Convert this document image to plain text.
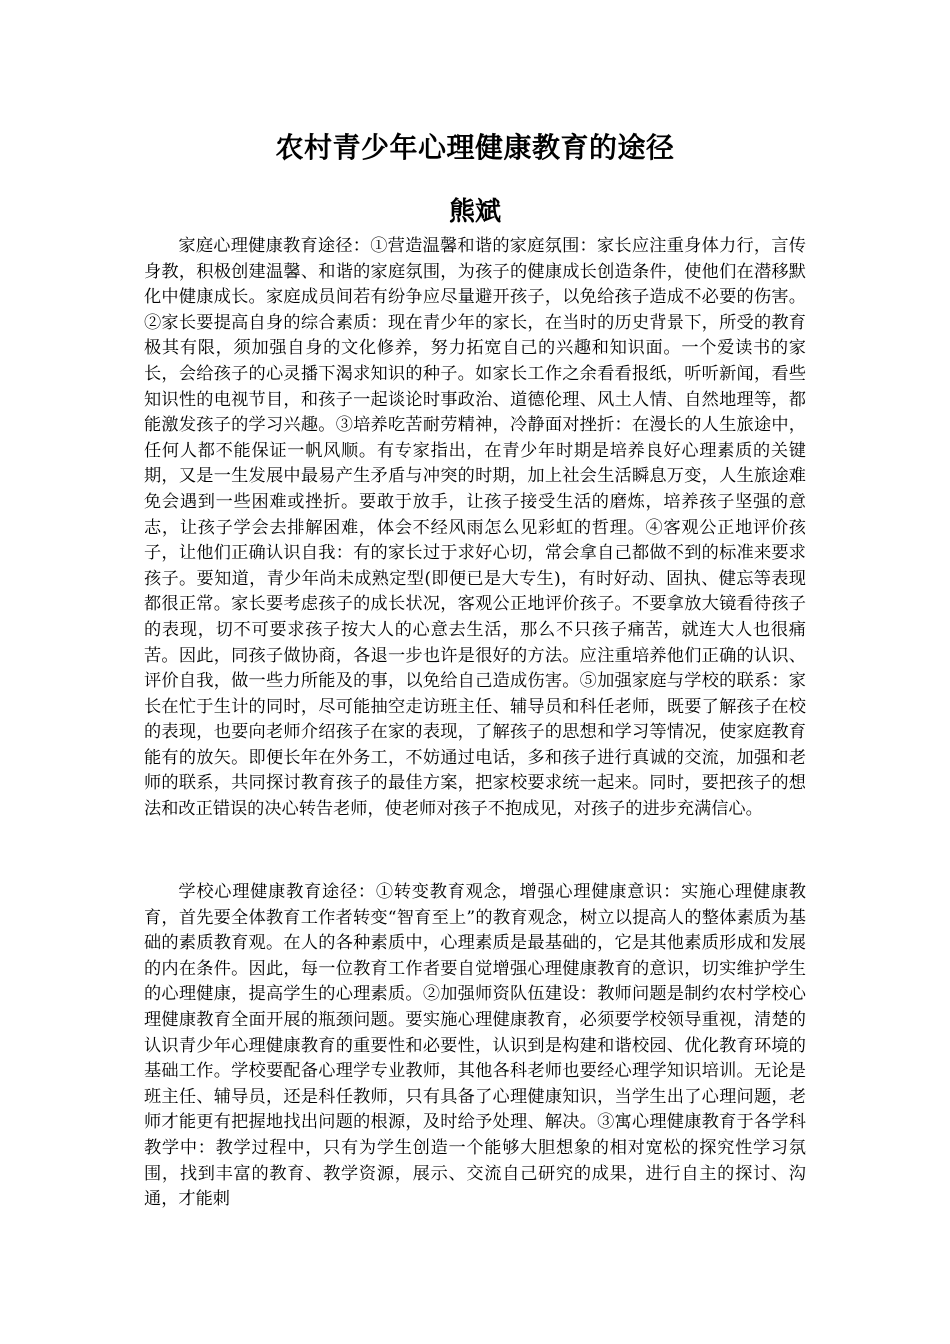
农村青少年心理健康教育的途径
熊斌

家庭心理健康教育途径：①营造温馨和谐的家庭氛围：家长应注重身体力行，言传身教，积极创建温馨、和谐的家庭氛围，为孩子的健康成长创造条件，使他们在潜移默化中健康成长。家庭成员间若有纷争应尽量避开孩子，以免给孩子造成不必要的伤害。②家长要提高自身的综合素质：现在青少年的家长，在当时的历史背景下，所受的教育极其有限，须加强自身的文化修养，努力拓宽自己的兴趣和知识面。一个爱读书的家长，会给孩子的心灵播下渴求知识的种子。如家长工作之余看看报纸，听听新闻，看些知识性的电视节目，和孩子一起谈论时事政治、道德伦理、风土人情、自然地理等，都能激发孩子的学习兴趣。③培养吃苦耐劳精神，冷静面对挫折：在漫长的人生旅途中，任何人都不能保证一帆风顺。有专家指出，在青少年时期是培养良好心理素质的关键期，又是一生发展中最易产生矛盾与冲突的时期，加上社会生活瞬息万变，人生旅途难免会遇到一些困难或挫折。要敢于放手，让孩子接受生活的磨炼，培养孩子坚强的意志，让孩子学会去排解困难，体会不经风雨怎么见彩虹的哲理。④客观公正地评价孩子，让他们正确认识自我：有的家长过于求好心切，常会拿自己都做不到的标准来要求孩子。要知道，青少年尚未成熟定型(即便已是大专生)，有时好动、固执、健忘等表现都很正常。家长要考虑孩子的成长状况，客观公正地评价孩子。不要拿放大镜看待孩子的表现，切不可要求孩子按大人的心意去生活，那么不只孩子痛苦，就连大人也很痛苦。因此，同孩子做协商，各退一步也许是很好的方法。应注重培养他们正确的认识、评价自我，做一些力所能及的事，以免给自己造成伤害。⑤加强家庭与学校的联系：家长在忙于生计的同时，尽可能抽空走访班主任、辅导员和科任老师，既要了解孩子在校的表现，也要向老师介绍孩子在家的表现，了解孩子的思想和学习等情况，使家庭教育能有的放矢。即便长年在外务工，不妨通过电话，多和孩子进行真诚的交流，加强和老师的联系，共同探讨教育孩子的最佳方案，把家校要求统一起来。同时，要把孩子的想法和改正错误的决心转告老师，使老师对孩子不抱成见，对孩子的进步充满信心。

学校心理健康教育途径：①转变教育观念，增强心理健康意识：实施心理健康教育，首先要全体教育工作者转变“智育至上”的教育观念，树立以提高人的整体素质为基础的素质教育观。在人的各种素质中，心理素质是最基础的，它是其他素质形成和发展的内在条件。因此，每一位教育工作者要自觉增强心理健康教育的意识，切实维护学生的心理健康，提高学生的心理素质。②加强师资队伍建设：教师问题是制约农村学校心理健康教育全面开展的瓶颈问题。要实施心理健康教育，必须要学校领导重视，清楚的认识青少年心理健康教育的重要性和必要性，认识到是构建和谐校园、优化教育环境的基础工作。学校要配备心理学专业教师，其他各科老师也要经心理学知识培训。无论是班主任、辅导员，还是科任教师，只有具备了心理健康知识，当学生出了心理问题，老师才能更有把握地找出问题的根源，及时给予处理、解决。③寓心理健康教育于各学科教学中：教学过程中，只有为学生创造一个能够大胆想象的相对宽松的探究性学习氛围，找到丰富的教育、教学资源，展示、交流自己研究的成果，进行自主的探讨、沟通，才能刺
